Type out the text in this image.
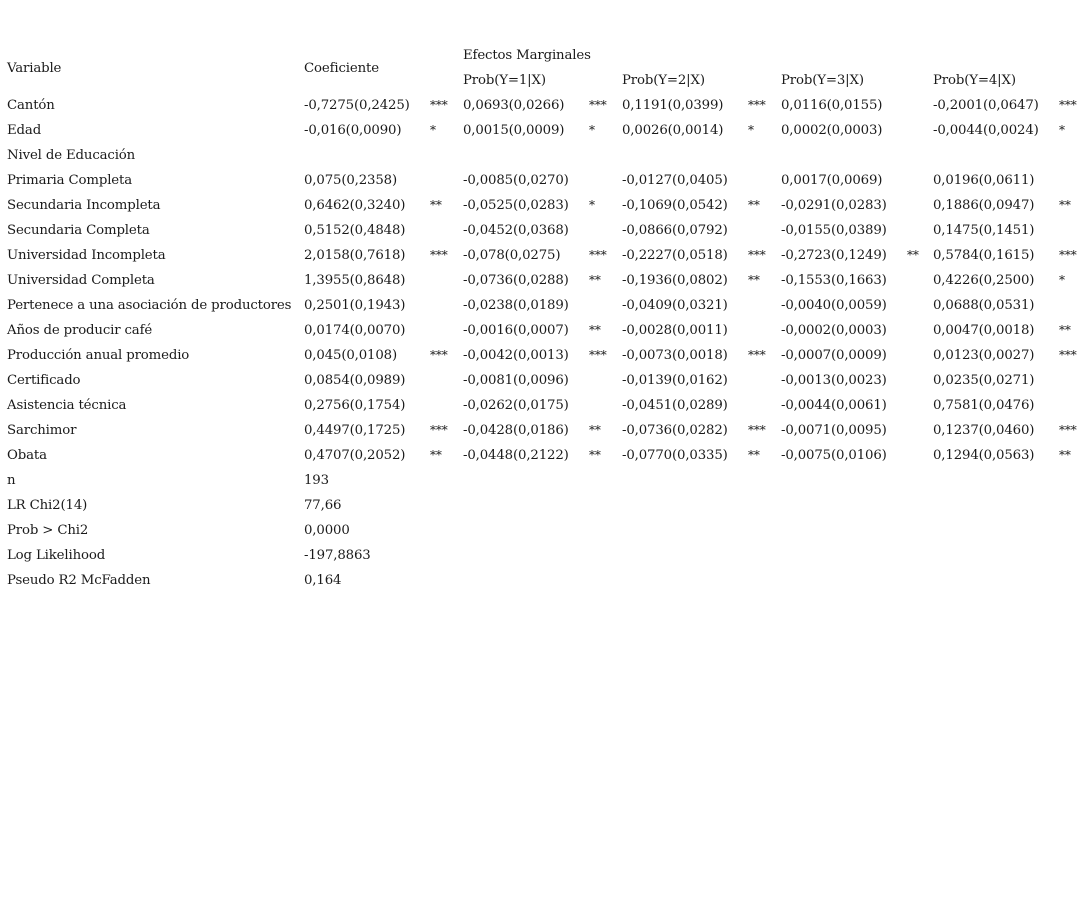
Variable	Coeficiente		Efectos Marginales							
			Prob(Y=1|X)		Prob(Y=2|X)		Prob(Y=3|X)		Prob(Y=4|X)	
Cantón	-0,7275(0,2425)	***	0,0693(0,0266)	***	0,1191(0,0399)	***	0,0116(0,0155)		-0,2001(0,0647)	***
Edad	-0,016(0,0090)	*	0,0015(0,0009)	*	0,0026(0,0014)	*	0,0002(0,0003)		-0,0044(0,0024)	*
Nivel de Educación										
Primaria Completa	0,075(0,2358)		-0,0085(0,0270)		-0,0127(0,0405)		0,0017(0,0069)		0,0196(0,0611)	
Secundaria Incompleta	0,6462(0,3240)	**	-0,0525(0,0283)	*	-0,1069(0,0542)	**	-0,0291(0,0283)		0,1886(0,0947)	**
Secundaria Completa	0,5152(0,4848)		-0,0452(0,0368)		-0,0866(0,0792)		-0,0155(0,0389)		0,1475(0,1451)	
Universidad Incompleta	2,0158(0,7618)	***	-0,078(0,0275)	***	-0,2227(0,0518)	***	-0,2723(0,1249)	**	0,5784(0,1615)	***
Universidad Completa	1,3955(0,8648)		-0,0736(0,0288)	**	-0,1936(0,0802)	**	-0,1553(0,1663)		0,4226(0,2500)	*
Pertenece a una asociación de productores	0,2501(0,1943)		-0,0238(0,0189)		-0,0409(0,0321)		-0,0040(0,0059)		0,0688(0,0531)	
Años de producir café	0,0174(0,0070)		-0,0016(0,0007)	**	-0,0028(0,0011)		-0,0002(0,0003)		0,0047(0,0018)	**
Producción anual promedio	0,045(0,0108)	***	-0,0042(0,0013)	***	-0,0073(0,0018)	***	-0,0007(0,0009)		0,0123(0,0027)	***
Certificado	0,0854(0,0989)		-0,0081(0,0096)		-0,0139(0,0162)		-0,0013(0,0023)		0,0235(0,0271)	
Asistencia técnica	0,2756(0,1754)		-0,0262(0,0175)		-0,0451(0,0289)		-0,0044(0,0061)		0,7581(0,0476)	
Sarchimor	0,4497(0,1725)	***	-0,0428(0,0186)	**	-0,0736(0,0282)	***	-0,0071(0,0095)		0,1237(0,0460)	***
Obata	0,4707(0,2052)	**	-0,0448(0,2122)	**	-0,0770(0,0335)	**	-0,0075(0,0106)		0,1294(0,0563)	**
n	193									
LR Chi2(14)	77,66									
Prob > Chi2	0,0000									
Log Likelihood	-197,8863									
Pseudo R2 McFadden	0,164									
